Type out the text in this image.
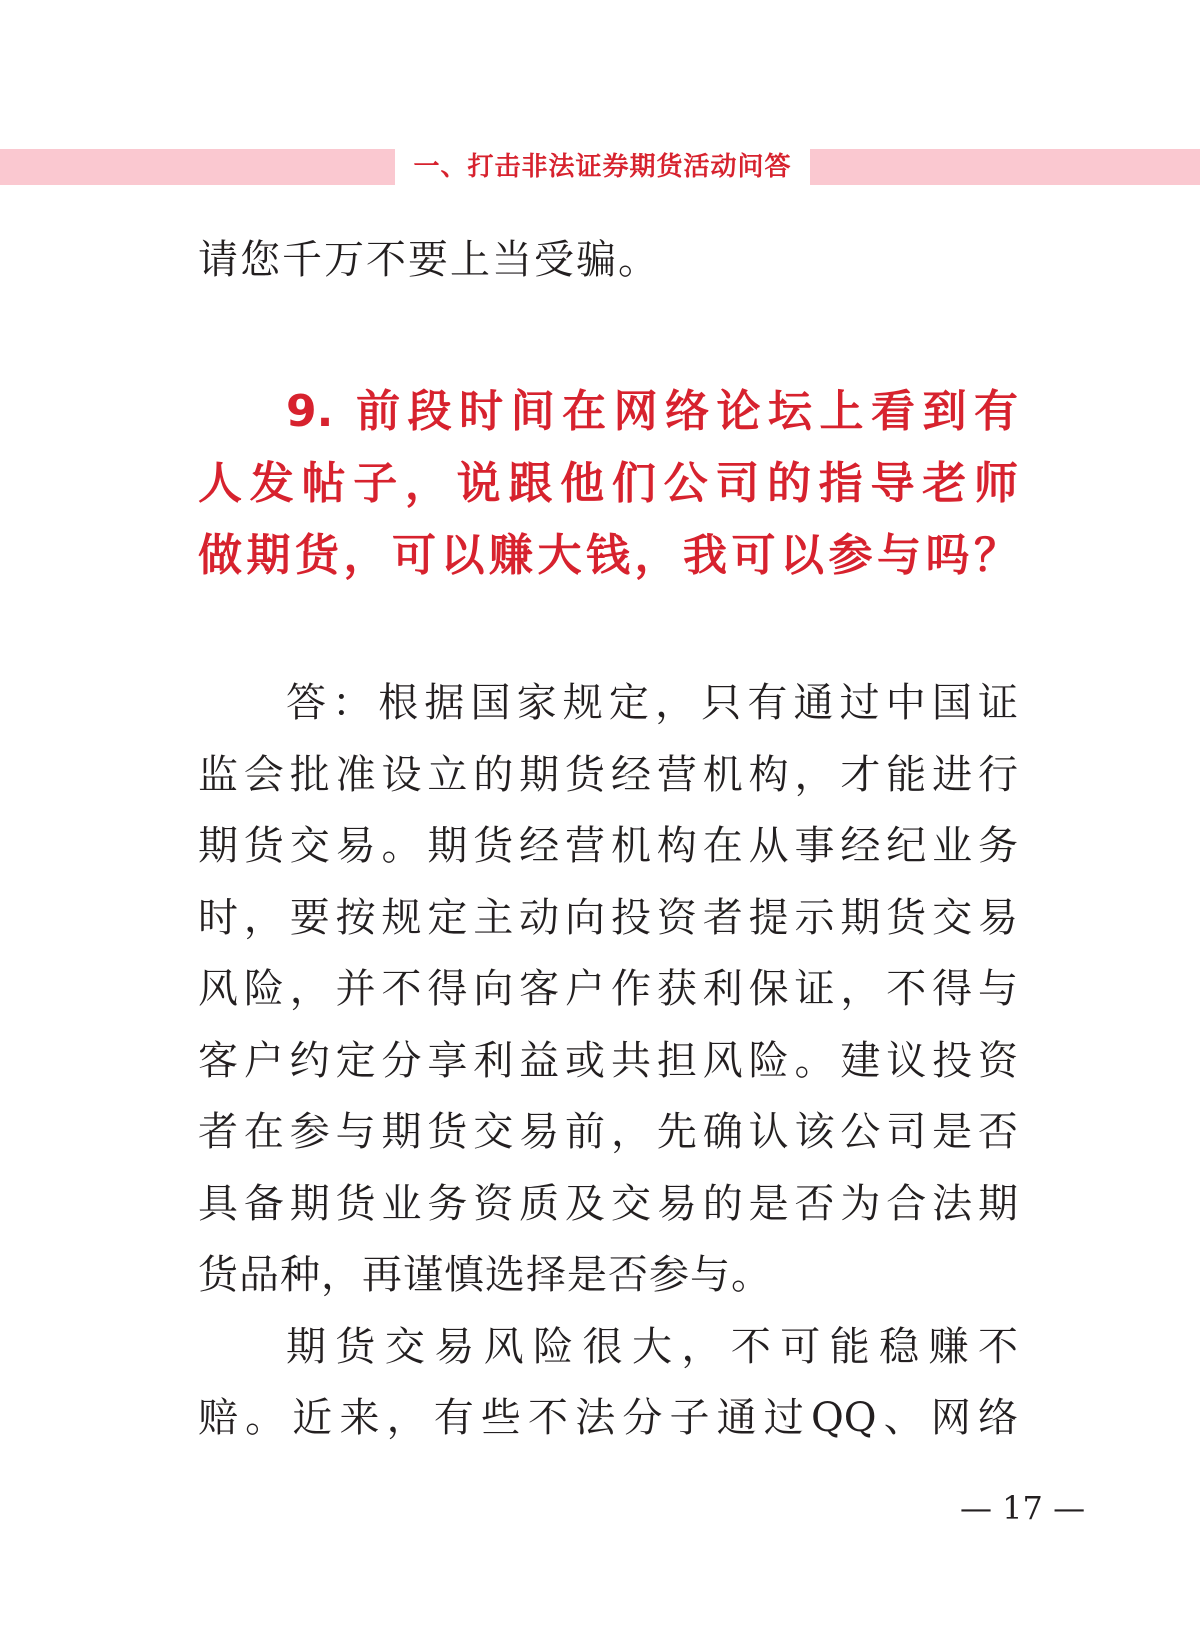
一、打击非法证券期货活动问答
请您千万不要上当受骗。
9. 前段时间在网络论坛上看到有
人发帖子，说跟他们公司的指导老师
做期货，可以赚大钱，我可以参与吗？
答：根据国家规定，只有通过中国证
监会批准设立的期货经营机构，才能进行
期货交易。期货经营机构在从事经纪业务
时，要按规定主动向投资者提示期货交易
风险，并不得向客户作获利保证，不得与
客户约定分享利益或共担风险。建议投资
者在参与期货交易前，先确认该公司是否
具备期货业务资质及交易的是否为合法期
货品种，再谨慎选择是否参与。
期货交易风险很大，不可能稳赚不
赔。近来，有些不法分子通过QQ、网络
— 17 —
